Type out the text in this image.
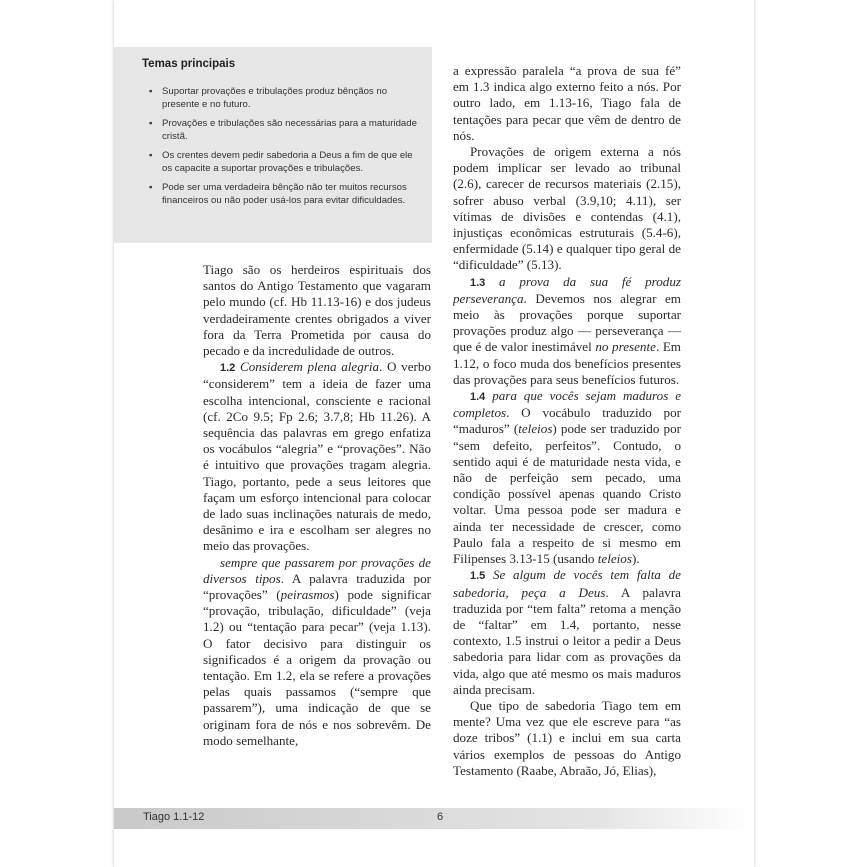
Temas principais
▪ Suportar provações e tribulações produz bênçãos no presente e no futuro.
▪ Provações e tribulações são necessárias para a maturidade cristã.
▪ Os crentes devem pedir sabedoria a Deus a fim de que ele os capacite a suportar provações e tribulações.
▪ Pode ser uma verdadeira bênção não ter muitos recursos financeiros ou não poder usá-los para evitar dificuldades.

Tiago são os herdeiros espirituais dos santos do Antigo Testamento que vagaram pelo mundo (cf. Hb 11.13-16) e dos judeus verdadeiramente crentes obrigados a viver fora da Terra Prometida por causa do pecado e da incredulidade de outros.

1.2 Considerem plena alegria. O verbo “considerem” tem a ideia de fazer uma escolha intencional, consciente e racional (cf. 2Co 9.5; Fp 2.6; 3.7,8; Hb 11.26). A sequência das palavras em grego enfatiza os vocábulos “alegria” e “provações”. Não é intuitivo que provações tragam alegria. Tiago, portanto, pede a seus leitores que façam um esforço intencional para colocar de lado suas inclinações naturais de medo, desânimo e ira e escolham ser alegres no meio das provações.

sempre que passarem por provações de diversos tipos. A palavra traduzida por “provações” (peirasmos) pode significar “provação, tribulação, dificuldade” (veja 1.2) ou “tentação para pecar” (veja 1.13). O fator decisivo para distinguir os significados é a origem da provação ou tentação. Em 1.2, ela se refere a provações pelas quais passamos (“sempre que passarem”), uma indicação de que se originam fora de nós e nos sobrevêm. De modo semelhante,

a expressão paralela “a prova de sua fé” em 1.3 indica algo externo feito a nós. Por outro lado, em 1.13-16, Tiago fala de tentações para pecar que vêm de dentro de nós.

Provações de origem externa a nós podem implicar ser levado ao tribunal (2.6), carecer de recursos materiais (2.15), sofrer abuso verbal (3.9,10; 4.11), ser vítimas de divisões e contendas (4.1), injustiças econômicas estruturais (5.4-6), enfermidade (5.14) e qualquer tipo geral de “dificuldade” (5.13).

1.3 a prova da sua fé produz perseverança. Devemos nos alegrar em meio às provações porque suportar provações produz algo — perseverança — que é de valor inestimável no presente. Em 1.12, o foco muda dos benefícios presentes das provações para seus benefícios futuros.

1.4 para que vocês sejam maduros e completos. O vocábulo traduzido por “maduros” (teleios) pode ser traduzido por “sem defeito, perfeitos”. Contudo, o sentido aqui é de maturidade nesta vida, e não de perfeição sem pecado, uma condição possível apenas quando Cristo voltar. Uma pessoa pode ser madura e ainda ter necessidade de crescer, como Paulo fala a respeito de si mesmo em Filipenses 3.13-15 (usando teleios).

1.5 Se algum de vocês tem falta de sabedoria, peça a Deus. A palavra traduzida por “tem falta” retoma a menção de “faltar” em 1.4, portanto, nesse contexto, 1.5 instrui o leitor a pedir a Deus sabedoria para lidar com as provações da vida, algo que até mesmo os mais maduros ainda precisam.

Que tipo de sabedoria Tiago tem em mente? Uma vez que ele escreve para “as doze tribos” (1.1) e inclui em sua carta vários exemplos de pessoas do Antigo Testamento (Raabe, Abraão, Jó, Elias),

Tiago 1.1-12	6
